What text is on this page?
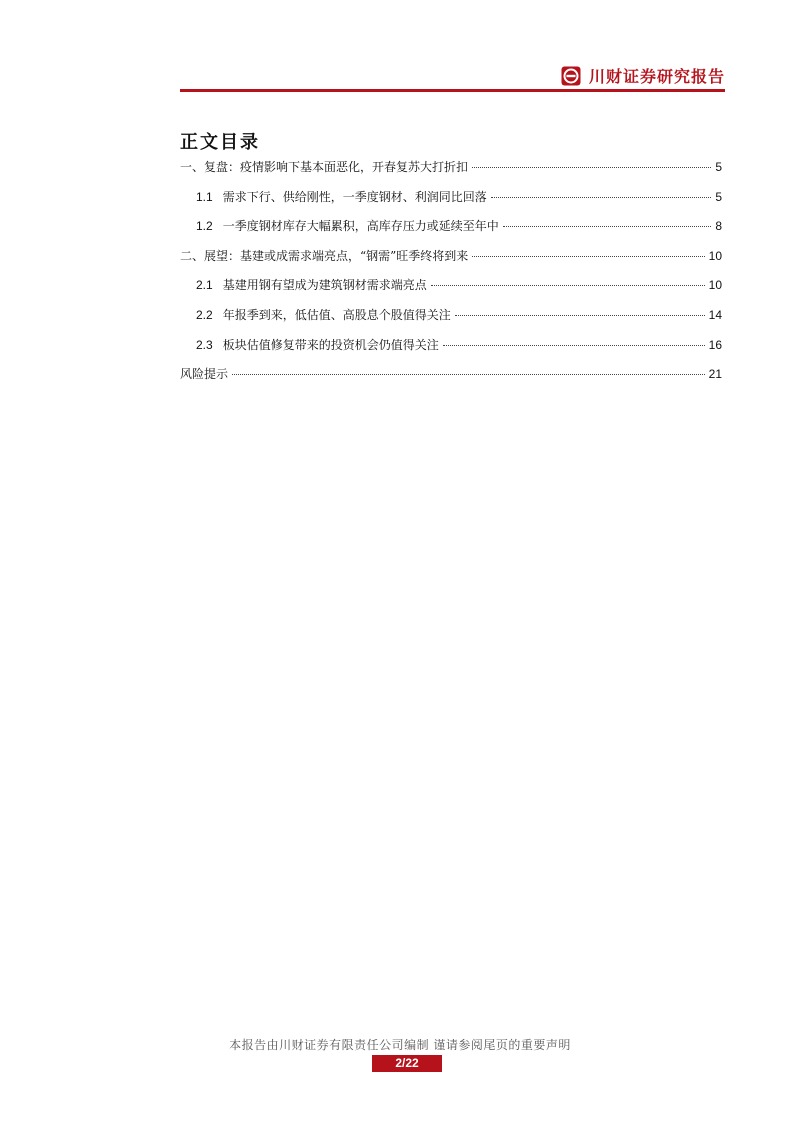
川财证券研究报告
正文目录
一、复盘：疫情影响下基本面恶化，开春复苏大打折扣	5
1.1 需求下行、供给刚性，一季度钢材、利润同比回落	5
1.2 一季度钢材库存大幅累积，高库存压力或延续至年中	8
二、展望：基建或成需求端亮点，“钢需”旺季终将到来	10
2.1 基建用钢有望成为建筑钢材需求端亮点	10
2.2 年报季到来，低估值、高股息个股值得关注	14
2.3 板块估值修复带来的投资机会仍值得关注	16
风险提示	21
本报告由川财证券有限责任公司编制 谨请参阅尾页的重要声明
2/22
